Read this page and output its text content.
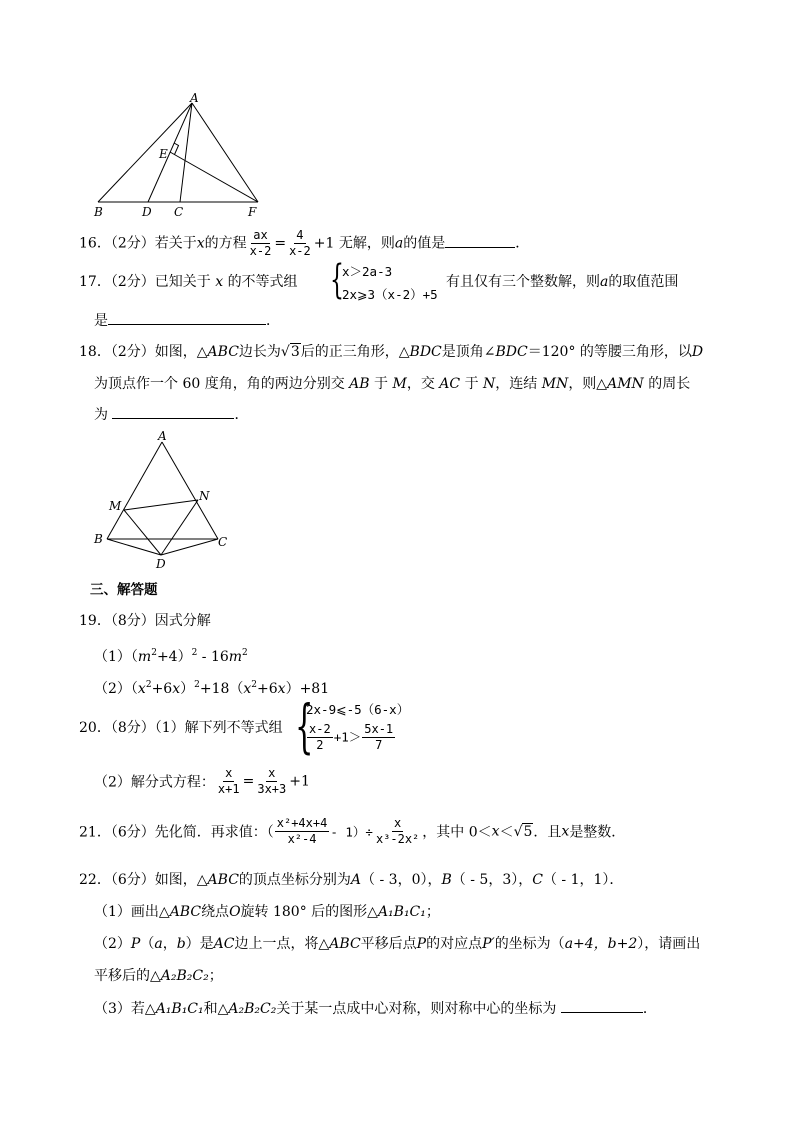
A
E
B	D C	F
16．（2分）若关于x的方程 $\frac{ax}{x-2} = \frac{4}{x-2} +1$ 无解，则a的值是	．
17．（2分）已知关于 x 的不等式组 {
x＞2a-3
2x⩾3（x-2）+5
有且仅有三个整数解，则a的取值范围
是	．
18．（2分）如图，△ABC边长为√3后的正三角形，△BDC是顶角∠BDC＝120° 的等腰三角形，以D
为顶点作一个 60 度角，角的两边分别交 AB 于 M，交 AC 于 N，连结 MN，则△AMN 的周长
为	．
A
M
N
B	C
D
三、解答题
19．（8分）因式分解
$(1)(m^2+4)^2 - 16m^2$
$(2)(x^2+6x)^2+18(x^2+6x)+81$
20．（8分）（1）解下列不等式组 {
2x-9⩽-5（6-x）
$\frac{x-2}{2} +1> \frac{5x-1}{7}$
（2）解分式方程： $\frac{x}{x+1} = \frac{x}{3x+3} +1$
21．（6分）先化简．再求值：（ $\frac{\text{x²+4x+4}}{\text{x²-4}} - 1)\div \frac{x}{\text{x³-2x²}}$ ，其中 0＜x＜√5．且x是整数．
22．（6分）如图，△ABC的顶点坐标分别为A（ - 3，0），B（ - 5，3），C（ - 1，1）．
（1）画出△ABC绕点O旋转 180° 后的图形△A₁B₁C₁；
（2）P（a，b）是AC边上一点，将△ABC平移后点P的对应点P′的坐标为（a+4，b+2），请画出
平移后的△A₂B₂C₂；
（3）若△A₁B₁C₁和△A₂B₂C₂关于某一点成中心对称，则对称中心的坐标为	．
